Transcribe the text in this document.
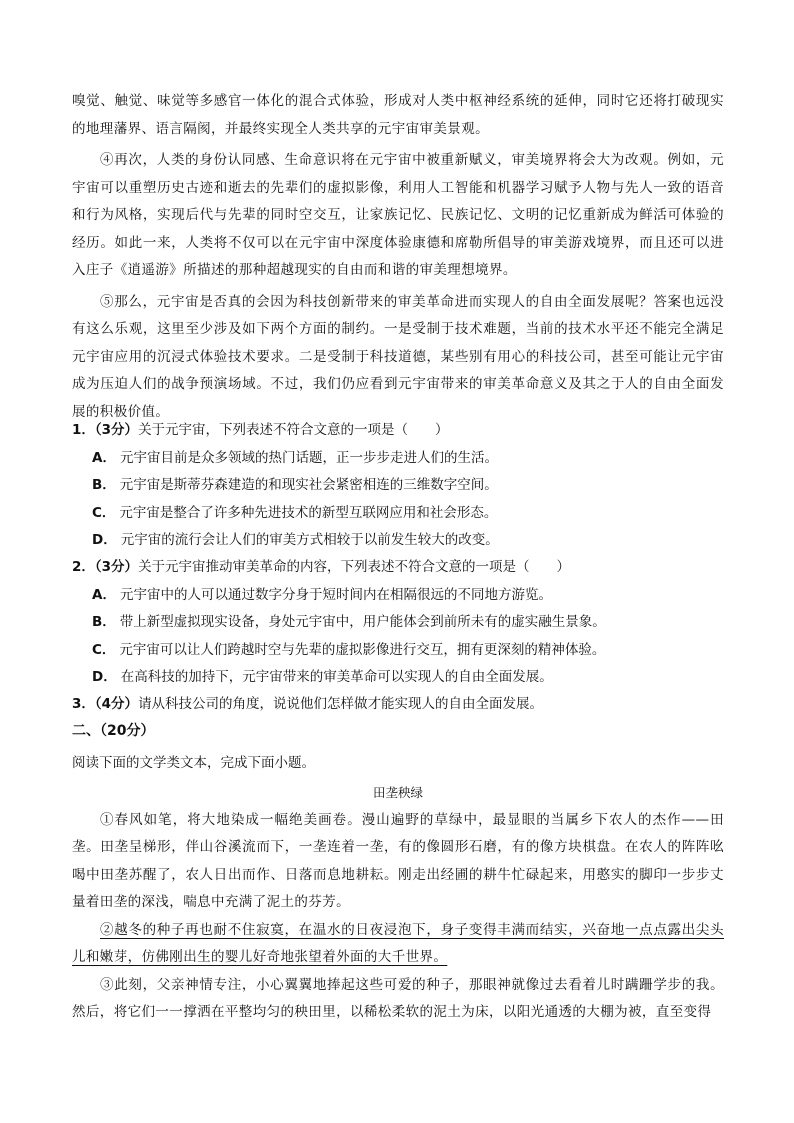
嗅觉、触觉、味觉等多感官一体化的混合式体验，形成对人类中枢神经系统的延伸，同时它还将打破现实的地理藩界、语言隔阂，并最终实现全人类共享的元宇宙审美景观。

④再次，人类的身份认同感、生命意识将在元宇宙中被重新赋义，审美境界将会大为改观。例如，元宇宙可以重塑历史古迹和逝去的先辈们的虚拟影像，利用人工智能和机器学习赋予人物与先人一致的语音和行为风格，实现后代与先辈的同时空交互，让家族记忆、民族记忆、文明的记忆重新成为鲜活可体验的经历。如此一来，人类将不仅可以在元宇宙中深度体验康德和席勒所倡导的审美游戏境界，而且还可以进入庄子《逍遥游》所描述的那种超越现实的自由而和谐的审美理想境界。

⑤那么，元宇宙是否真的会因为科技创新带来的审美革命进而实现人的自由全面发展呢？答案也远没有这么乐观，这里至少涉及如下两个方面的制约。一是受制于技术难题，当前的技术水平还不能完全满足元宇宙应用的沉浸式体验技术要求。二是受制于科技道德，某些别有用心的科技公司，甚至可能让元宇宙成为压迫人们的战争预演场域。不过，我们仍应看到元宇宙带来的审美革命意义及其之于人的自由全面发展的积极价值。

1．（3分）关于元宇宙，下列表述不符合文意的一项是（　　）

A． 元宇宙目前是众多领域的热门话题，正一步步走进人们的生活。

B． 元宇宙是斯蒂芬森建造的和现实社会紧密相连的三维数字空间。

C． 元宇宙是整合了许多种先进技术的新型互联网应用和社会形态。

D． 元宇宙的流行会让人们的审美方式相较于以前发生较大的改变。

2．（3分）关于元宇宙推动审美革命的内容，下列表述不符合文意的一项是（　　）

A． 元宇宙中的人可以通过数字分身于短时间内在相隔很远的不同地方游览。

B． 带上新型虚拟现实设备，身处元宇宙中，用户能体会到前所未有的虚实融生景象。

C． 元宇宙可以让人们跨越时空与先辈的虚拟影像进行交互，拥有更深刻的精神体验。

D． 在高科技的加持下，元宇宙带来的审美革命可以实现人的自由全面发展。

3．（4分）请从科技公司的角度，说说他们怎样做才能实现人的自由全面发展。

二、（20分）

阅读下面的文学类文本，完成下面小题。

田垄秧绿

①春风如笔，将大地染成一幅绝美画卷。漫山遍野的草绿中，最显眼的当属乡下农人的杰作——田垄。田垄呈梯形，伴山谷溪流而下，一垄连着一垄，有的像圆形石磨，有的像方块棋盘。在农人的阵阵吆喝中田垄苏醒了，农人日出而作、日落而息地耕耘。刚走出经圃的耕牛忙碌起来，用憨实的脚印一步步丈量着田垄的深浅，喘息中充满了泥土的芬芳。

②越冬的种子再也耐不住寂寞，在温水的日夜浸泡下，身子变得丰满而结实，兴奋地一点点露出尖头儿和嫩芽，仿佛刚出生的婴儿好奇地张望着外面的大千世界。

③此刻，父亲神情专注，小心翼翼地捧起这些可爱的种子，那眼神就像过去看着儿时蹒跚学步的我。然后，将它们一一撑洒在平整均匀的秧田里，以稀松柔软的泥土为床，以阳光通透的大棚为被，直至变得
